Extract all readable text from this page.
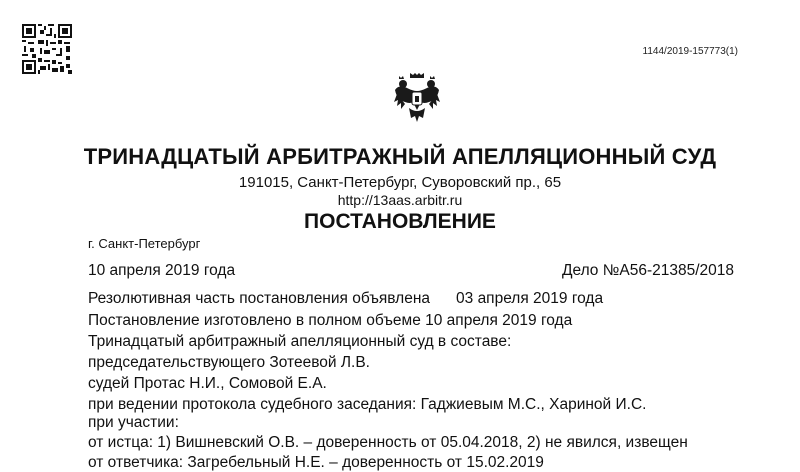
1144/2019-157773(1)
ТРИНАДЦАТЫЙ АРБИТРАЖНЫЙ АПЕЛЛЯЦИОННЫЙ СУД
191015, Санкт-Петербург, Суворовский пр., 65
http://13aas.arbitr.ru
ПОСТАНОВЛЕНИЕ
г. Санкт-Петербург
10 апреля 2019 года	Дело №А56-21385/2018
Резолютивная часть постановления объявлена 03 апреля 2019 года
Постановление изготовлено в полном объеме 10 апреля 2019 года
Тринадцатый арбитражный апелляционный суд в составе:
председательствующего Зотеевой Л.В.
судей Протас Н.И., Сомовой Е.А.
при ведении протокола судебного заседания: Гаджиевым М.С., Хариной И.С.
при участии:
от истца: 1) Вишневский О.В. – доверенность от 05.04.2018, 2) не явился, извещен
от ответчика: Загребельный Н.Е. – доверенность от 15.02.2019
